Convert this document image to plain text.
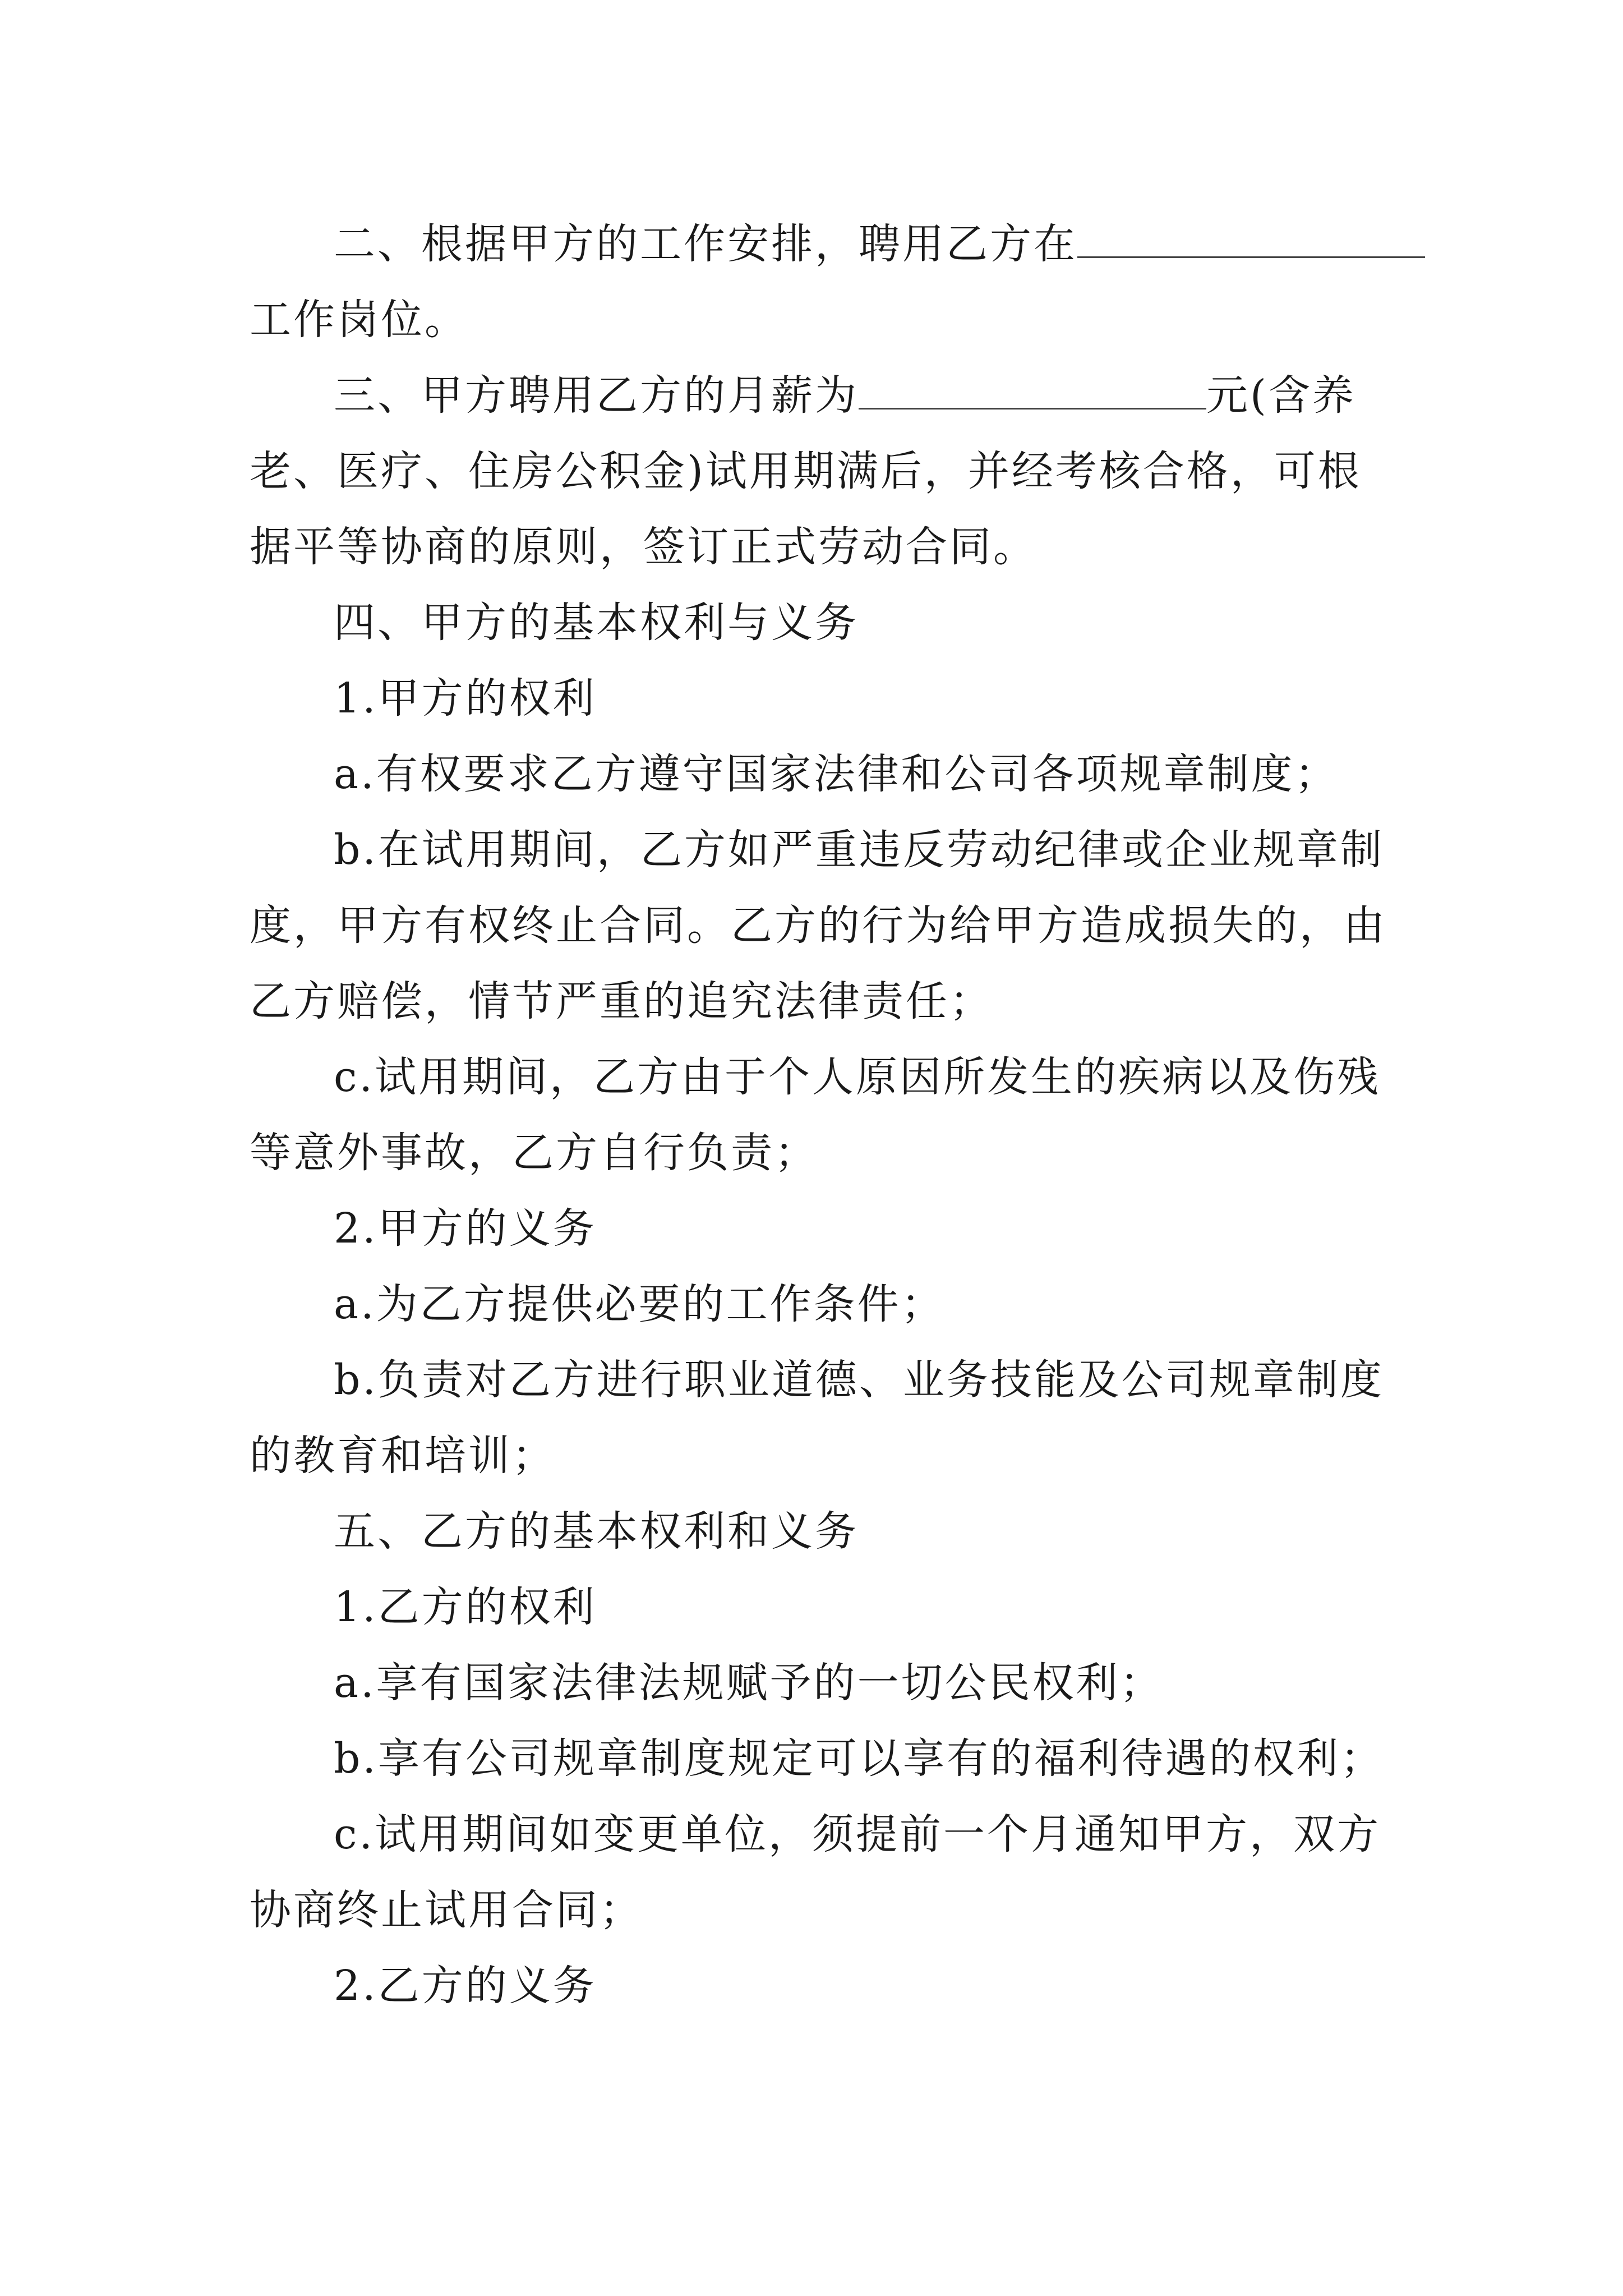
二、根据甲方的工作安排，聘用乙方在
工作岗位。
三、甲方聘用乙方的月薪为	元(含养
老、医疗、住房公积金)试用期满后，并经考核合格，可根
据平等协商的原则，签订正式劳动合同。
四、甲方的基本权利与义务
1.甲方的权利
a.有权要求乙方遵守国家法律和公司各项规章制度；
b.在试用期间，乙方如严重违反劳动纪律或企业规章制
度，甲方有权终止合同。乙方的行为给甲方造成损失的，由
乙方赔偿，情节严重的追究法律责任；
c.试用期间，乙方由于个人原因所发生的疾病以及伤残
等意外事故，乙方自行负责；
2.甲方的义务
a.为乙方提供必要的工作条件；
b.负责对乙方进行职业道德、业务技能及公司规章制度
的教育和培训；
五、乙方的基本权利和义务
1.乙方的权利
a.享有国家法律法规赋予的一切公民权利；
b.享有公司规章制度规定可以享有的福利待遇的权利；
c.试用期间如变更单位，须提前一个月通知甲方，双方
协商终止试用合同；
2.乙方的义务
